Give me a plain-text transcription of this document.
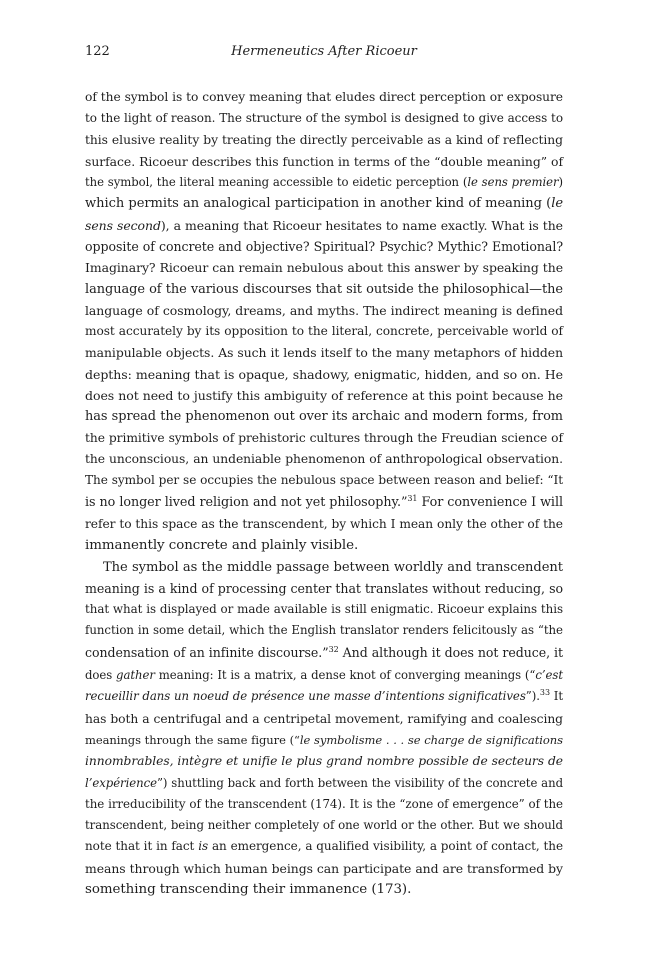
122	Hermeneutics After Ricoeur

of the symbol is to convey meaning that eludes direct perception or exposure
to the light of reason. The structure of the symbol is designed to give access to
this elusive reality by treating the directly perceivable as a kind of reflecting
surface. Ricoeur describes this function in terms of the “double meaning” of
the symbol, the literal meaning accessible to eidetic perception (le sens premier)
which permits an analogical participation in another kind of meaning (le
sens second), a meaning that Ricoeur hesitates to name exactly. What is the
opposite of concrete and objective? Spiritual? Psychic? Mythic? Emotional?
Imaginary? Ricoeur can remain nebulous about this answer by speaking the
language of the various discourses that sit outside the philosophical—the
language of cosmology, dreams, and myths. The indirect meaning is defined
most accurately by its opposition to the literal, concrete, perceivable world of
manipulable objects. As such it lends itself to the many metaphors of hidden
depths: meaning that is opaque, shadowy, enigmatic, hidden, and so on. He
does not need to justify this ambiguity of reference at this point because he
has spread the phenomenon out over its archaic and modern forms, from
the primitive symbols of prehistoric cultures through the Freudian science of
the unconscious, an undeniable phenomenon of anthropological observation.
The symbol per se occupies the nebulous space between reason and belief: “It
is no longer lived religion and not yet philosophy.”$^{31}$ For convenience I will
refer to this space as the transcendent, by which I mean only the other of the
immanently concrete and plainly visible.

The symbol as the middle passage between worldly and transcendent
meaning is a kind of processing center that translates without reducing, so
that what is displayed or made available is still enigmatic. Ricoeur explains this
function in some detail, which the English translator renders felicitously as “the
condensation of an infinite discourse.”$^{32}$ And although it does not reduce, it
does gather meaning: It is a matrix, a dense knot of converging meanings (“c’est
recueillir dans un noeud de présence une masse d’intentions significatives”).$^{33}$ It
has both a centrifugal and a centripetal movement, ramifying and coalescing
meanings through the same figure (“le symbolisme . . . se charge de significations
innombrables, intègre et unifie le plus grand nombre possible de secteurs de
l’expérience”) shuttling back and forth between the visibility of the concrete and
the irreducibility of the transcendent (174). It is the “zone of emergence” of the
transcendent, being neither completely of one world or the other. But we should
note that it in fact is an emergence, a qualified visibility, a point of contact, the
means through which human beings can participate and are transformed by
something transcending their immanence (173).
